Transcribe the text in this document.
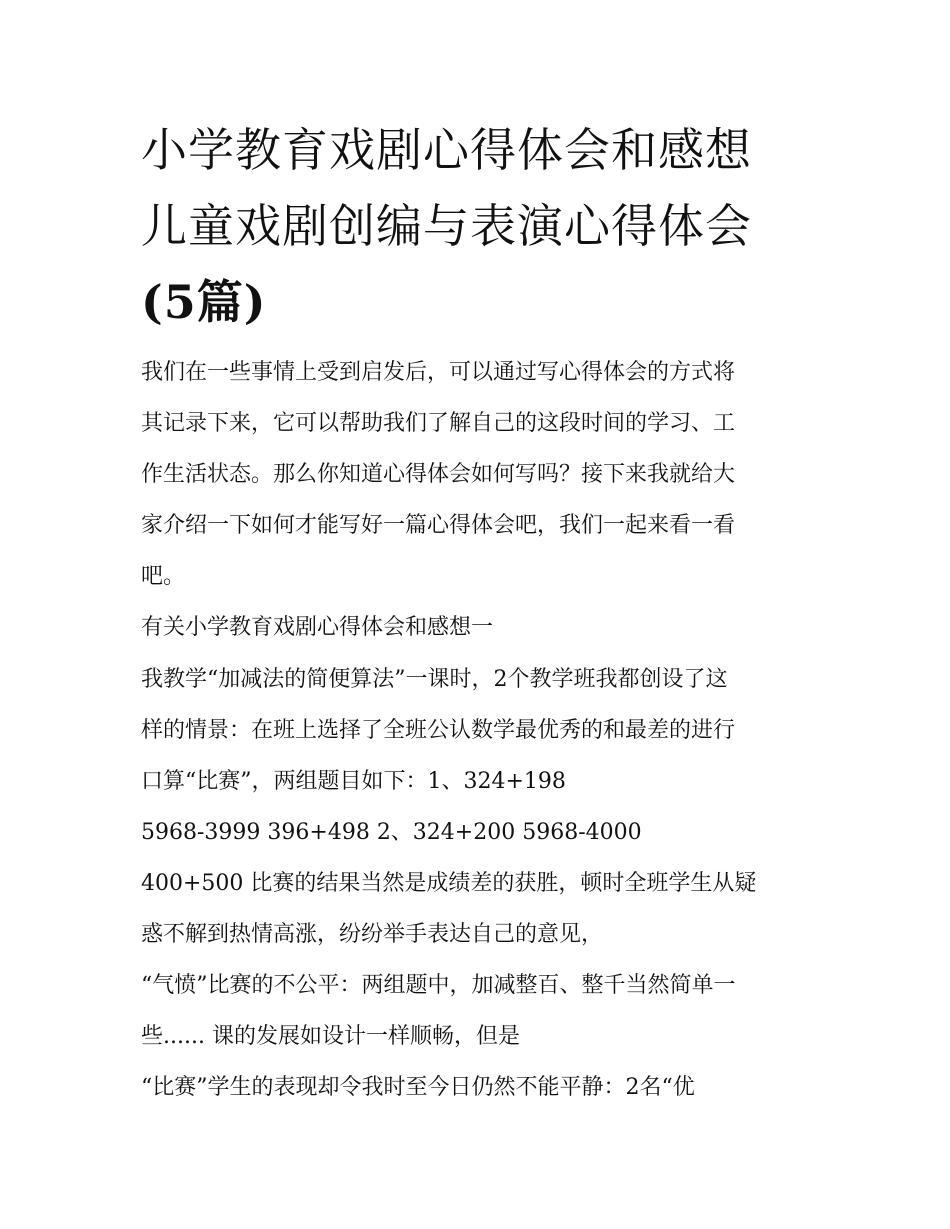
小学教育戏剧心得体会和感想
儿童戏剧创编与表演心得体会
(5篇)
我们在一些事情上受到启发后，可以通过写心得体会的方式将
其记录下来，它可以帮助我们了解自己的这段时间的学习、工
作生活状态。那么你知道心得体会如何写吗？接下来我就给大
家介绍一下如何才能写好一篇心得体会吧，我们一起来看一看
吧。
有关小学教育戏剧心得体会和感想一
我教学“加减法的简便算法”一课时，2个教学班我都创设了这
样的情景：在班上选择了全班公认数学最优秀的和最差的进行
口算“比赛”，两组题目如下：1、324+198
5968-3999 396+498 2、324+200 5968-4000
400+500 比赛的结果当然是成绩差的获胜，顿时全班学生从疑
惑不解到热情高涨，纷纷举手表达自己的意见，
“气愤”比赛的不公平：两组题中，加减整百、整千当然简单一
些...... 课的发展如设计一样顺畅，但是
“比赛”学生的表现却令我时至今日仍然不能平静：2名“优
